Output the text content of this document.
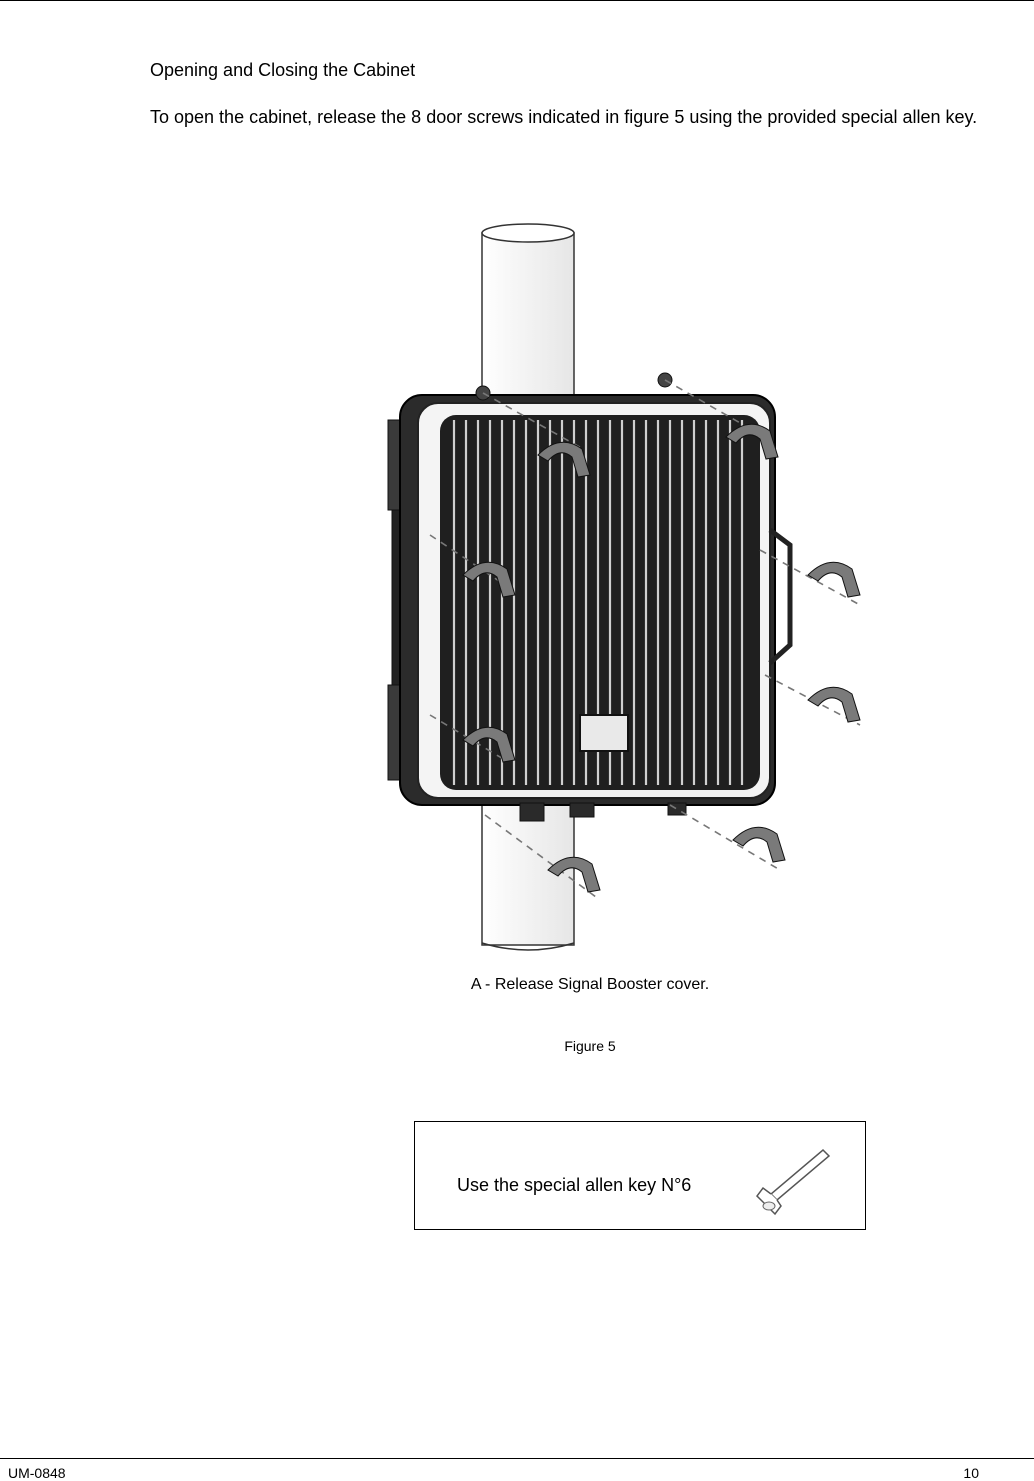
Opening and Closing the Cabinet
To open the cabinet, release the 8 door screws indicated in figure 5 using the provided special allen key.
A - Release Signal Booster cover.
Figure 5
Use the special allen key N°6
UM-0848	10
